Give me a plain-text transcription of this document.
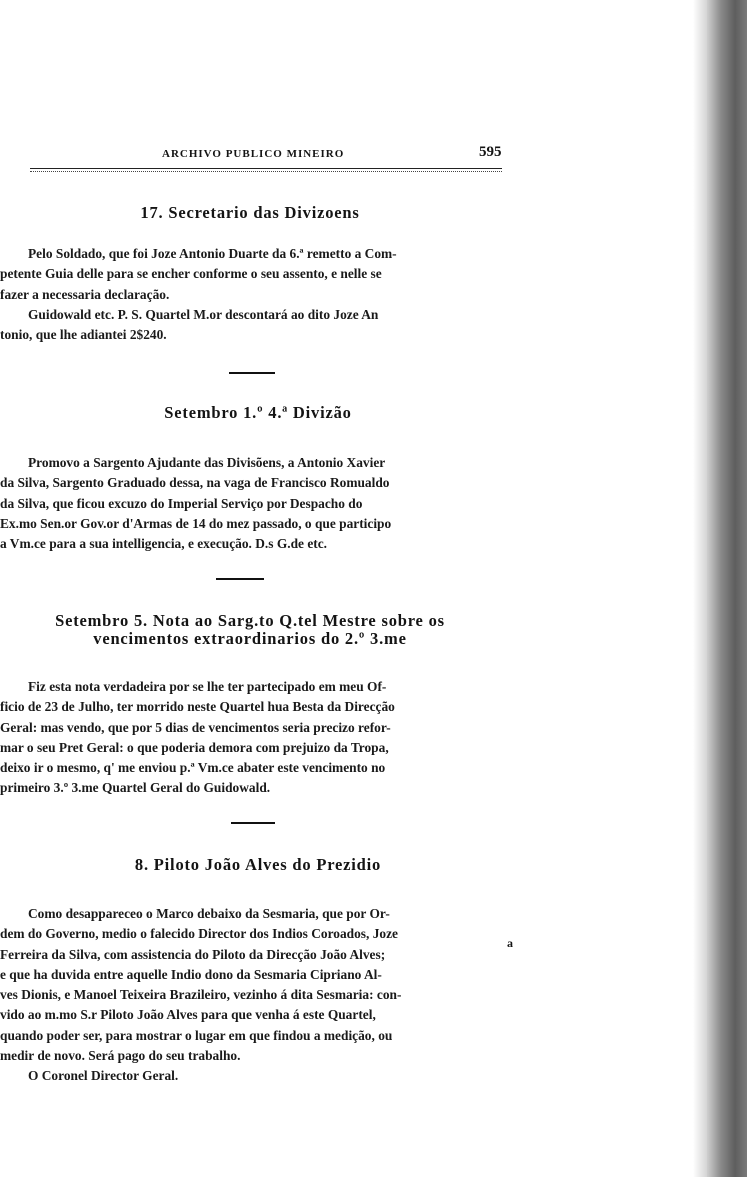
ARCHIVO PUBLICO MINEIRO	595
17. Secretario das Divizoens
Pelo Soldado, que foi Joze Antonio Duarte da 6.ª remetto a Com-
petente Guia delle para se encher conforme o seu assento, e nelle se
fazer a necessaria declaração.
Guidowald etc. P. S. Quartel M.or descontará ao dito Joze An
tonio, que lhe adiantei 2$240.
Setembro 1.º 4.ª Divizão
Promovo a Sargento Ajudante das Divisõens, a Antonio Xavier
da Silva, Sargento Graduado dessa, na vaga de Francisco Romualdo
da Silva, que ficou excuzo do Imperial Serviço por Despacho do
Ex.mo Sen.or Gov.or d'Armas de 14 do mez passado, o que participo
a Vm.ce para a sua intelligencia, e execução. D.s G.de etc.
Setembro 5. Nota ao Sarg.to Q.tel Mestre sobre os
vencimentos extraordinarios do 2.º 3.me
Fiz esta nota verdadeira por se lhe ter partecipado em meu Of-
ficio de 23 de Julho, ter morrido neste Quartel hua Besta da Direcção
Geral: mas vendo, que por 5 dias de vencimentos seria precizo refor-
mar o seu Pret Geral: o que poderia demora com prejuizo da Tropa,
deixo ir o mesmo, q' me enviou p.ª Vm.ce abater este vencimento no
primeiro 3.º 3.me Quartel Geral do Guidowald.
8. Piloto João Alves do Prezidio
Como desappareceo o Marco debaixo da Sesmaria, que por Or-
dem do Governo, medio o falecido Director dos Indios Coroados, Joze
Ferreira da Silva, com assistencia do Piloto da Direcção João Alves;
e que ha duvida entre aquelle Indio dono da Sesmaria Cipriano Al-
ves Dionis, e Manoel Teixeira Brazileiro, vezinho á dita Sesmaria: con-
vido ao m.mo S.r Piloto João Alves para que venha á este Quartel,
quando poder ser, para mostrar o lugar em que findou a medição, ou
medir de novo. Será pago do seu trabalho.
O Coronel Director Geral.
a
